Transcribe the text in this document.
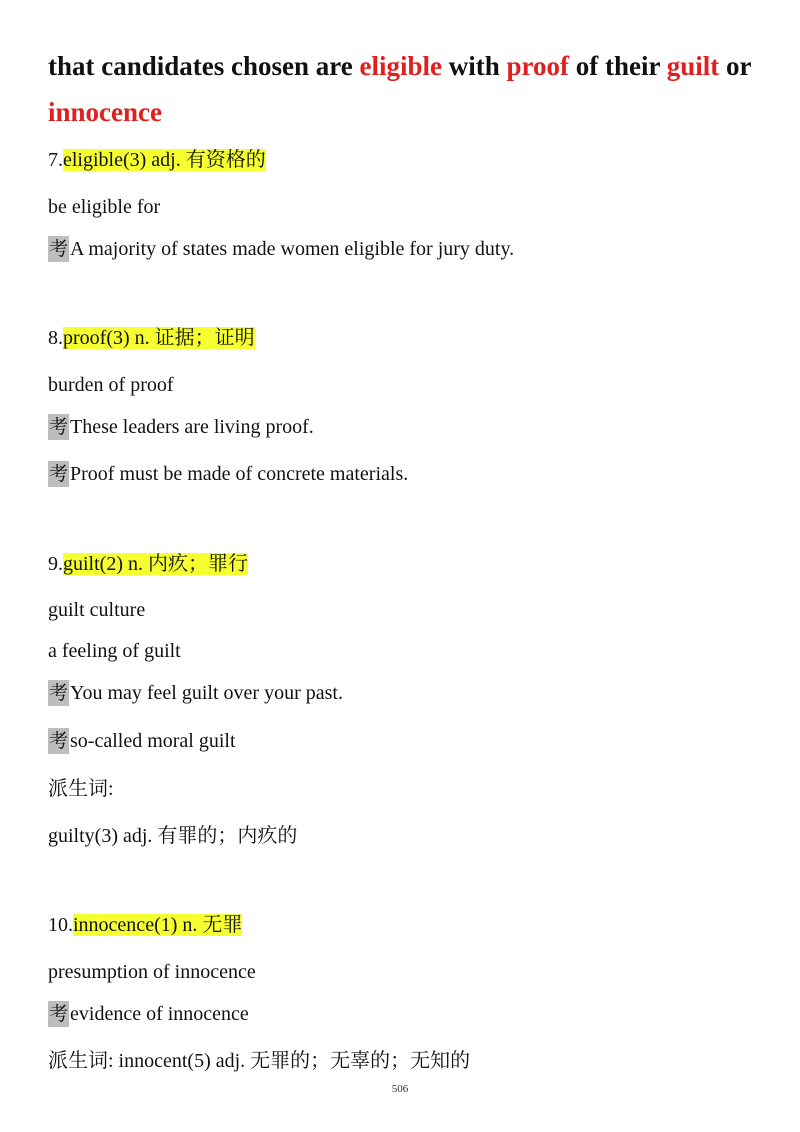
that candidates chosen are eligible with proof of their guilt or
innocence
7.eligible(3) adj. 有资格的
be eligible for
考 A majority of states made women eligible for jury duty.
8.proof(3) n. 证据；证明
burden of proof
考 These leaders are living proof.
考 Proof must be made of concrete materials.
9.guilt(2) n. 内疚；罪行
guilt culture
a feeling of guilt
考 You may feel guilt over your past.
考 so-called moral guilt
派生词:
guilty(3) adj. 有罪的；内疚的
10.innocence(1) n. 无罪
presumption of innocence
考 evidence of innocence
派生词: innocent(5) adj. 无罪的；无辜的；无知的
506
